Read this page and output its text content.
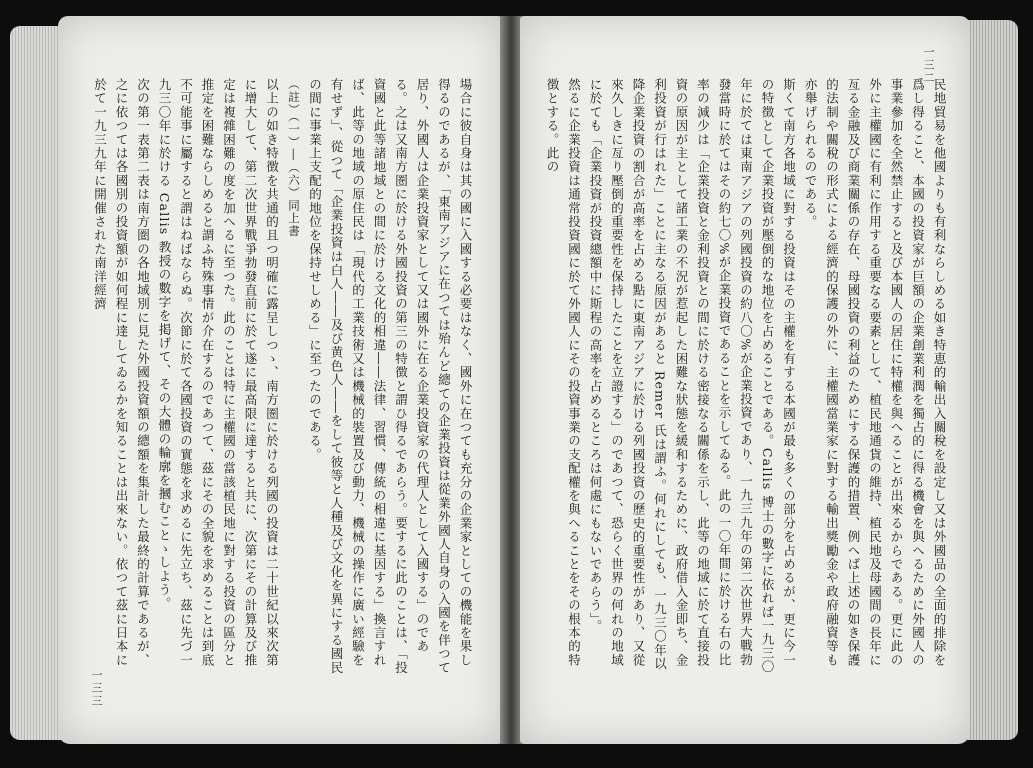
場合に彼自身は其の國に入國する必要はなく、國外に在つても充分の企業家としての機能を果し得るのであるが、「東南アジアに在つては殆んど總ての企業投資は從業外國人自身の入國を伴つて居り、外國人は企業投資家として又は國外に在る企業投資家の代理人として入國する」のである。之は又南方圏に於ける外國投資の第三の特徴と謂ひ得るであらう。要するに此のことは、「投資國と此等諸地域との間に於ける文化的相違――法律、習慣、傳統の相違に基因する」換言すれば、此等の地域の原住民は「現代的工業技術又は機械的裝置及び動力、機械の操作に廣い經驗を有せず」、從つて「企業投資は白人――及び黄色人――をして彼等と人種及び文化を異にする國民の間に事業上支配的地位を保持せしめる」に至つたのである。

（註）（一）―（六）同上書

以上の如き特徴を共通的且つ明確に露呈しつゝ、南方圏に於ける列國の投資は二十世紀以來次第に增大して、第二次世界戰爭勃發直前に於て遂に最高限に達すると共に、次第にその計算及び推定は複雜困難の度を加へるに至つた。此のことは特に主權國の當該植民地に對する投資の區分と推定を困難ならしめると謂ふ特殊事情が介在するのであつて、茲にその全貌を求めることは到底不可能事に屬すると謂はねばならぬ。次節に於て各國投資の實態を求めるに先立ち、茲に先づ一九三〇年に於ける Callis 教授の數字を掲げて、その大體の輪廓を摑むことゝしよう。

次の第一表第二表は南方圏の各地域別に見た外國投資額の總額を集計した最終的計算であるが、之に依つては各國別の投資額が如何程に達してゐるかを知ることは出來ない。依つて茲に日本に於て一九三九年に開催された南洋經濟

一三三

民地貿易を他國よりも有利ならしめる如き特恵的輸出入關稅を設定し又は外國品の全面的排除を爲し得ること、本國の投資家が巨額の企業創業利潤を獨占的に得る機會を與へるために外國人の事業參加を全然禁止すると及び本國人の居住に特權を與へることが出來るからである。更に此の外に主權國に有利に作用する重要なる要素として、植民地通貨の維持、植民地及母國間の長年に亙る金融及び商業關係の存在、母國投資の利益のためにする保護的措置、例へば上述の如き保護的法制や關稅の形式による經濟的保護の外に、主權國當業家に對する輸出獎勵金や政府融資等も亦舉げられるのである。

斯くて南方各地域に對する投資はその主權を有する本國が最も多くの部分を占めるが、更に今一の特徴として企業投資が壓倒的な地位を占めることである。Callis 博士の數字に依れば一九三〇年に於ては東南アジアの列國投資の約八〇%が企業投資であり、一九三九年の第二次世界大戰勃發當時に於てはその約七〇%が企業投資であることを示してゐる。此の一〇年間に於ける右の比率の減少は「企業投資と金利投資との間に於ける密接なる關係を示し、此等の地域に於て直接投資の原因が主として諸工業の不況が惹起した困難な狀態を緩和するために、政府借入金即ち、金利投資が行はれた」ことに主なる原因があると Remer 氏は謂ふ。何れにしても、一九三〇年以降企業投資の割合が高率を占める點に東南アジアに於ける列國投資の歷史的重要性があり、又從來久しきに亙り壓倒的重要性を保持したことを立證する」のであつて、恐らく世界の何れの地域に於ても「企業投資が投資總額中に斯程の高率を占めるところは何處にもないであらう」。

然るに企業投資は通常投資國に於て外國人にその投資事業の支配權を與へることをその根本的特徴とする。此の

一三二
